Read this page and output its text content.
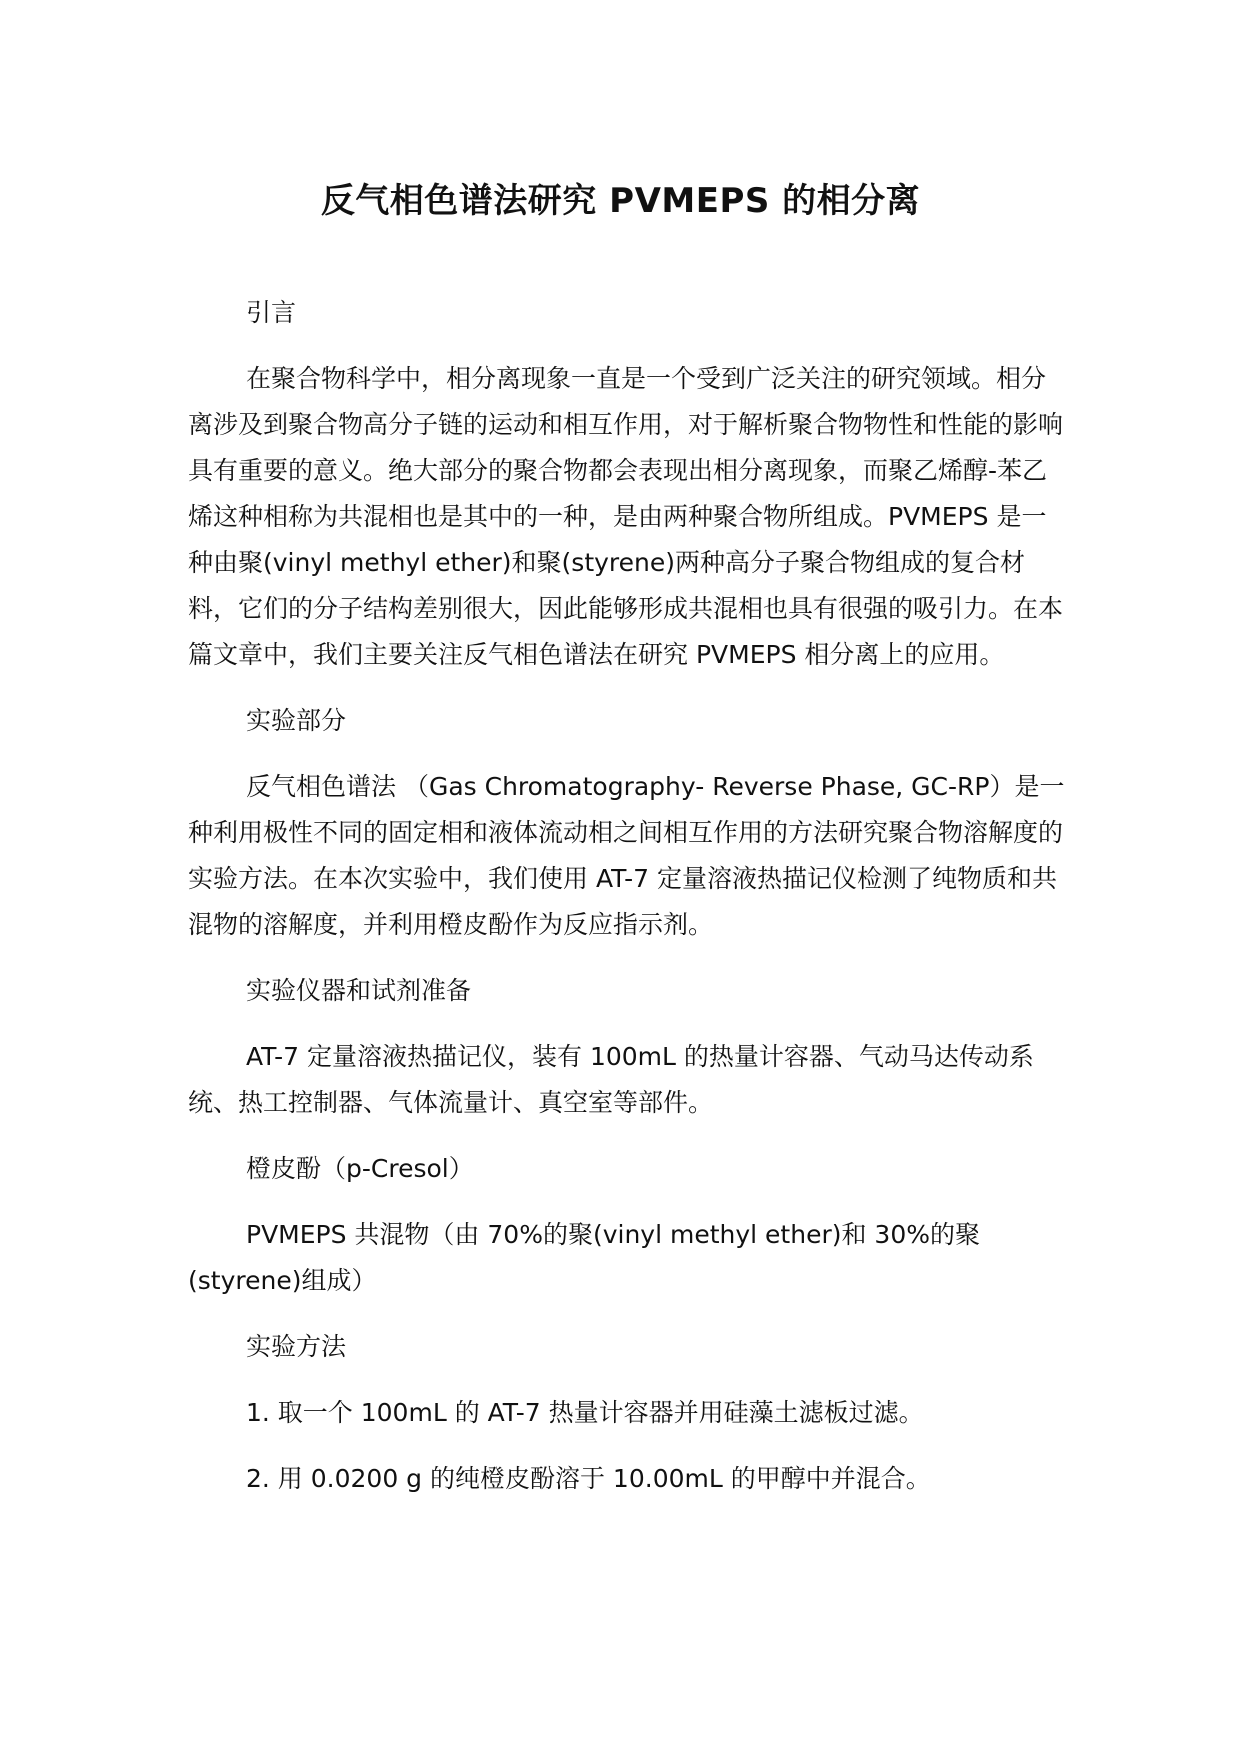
反气相色谱法研究 PVMEPS 的相分离

引言

在聚合物科学中，相分离现象一直是一个受到广泛关注的研究领域。相分离涉及到聚合物高分子链的运动和相互作用，对于解析聚合物物性和性能的影响具有重要的意义。绝大部分的聚合物都会表现出相分离现象，而聚乙烯醇-苯乙烯这种相称为共混相也是其中的一种，是由两种聚合物所组成。PVMEPS 是一种由聚(vinyl methyl ether)和聚(styrene)两种高分子聚合物组成的复合材料，它们的分子结构差别很大，因此能够形成共混相也具有很强的吸引力。在本篇文章中，我们主要关注反气相色谱法在研究 PVMEPS 相分离上的应用。

实验部分

反气相色谱法 （Gas Chromatography- Reverse Phase, GC-RP）是一种利用极性不同的固定相和液体流动相之间相互作用的方法研究聚合物溶解度的实验方法。在本次实验中，我们使用 AT-7 定量溶液热描记仪检测了纯物质和共混物的溶解度，并利用橙皮酚作为反应指示剂。

实验仪器和试剂准备

AT-7 定量溶液热描记仪，装有 100mL 的热量计容器、气动马达传动系统、热工控制器、气体流量计、真空室等部件。

橙皮酚（p-Cresol）

PVMEPS 共混物（由 70%的聚(vinyl methyl ether)和 30%的聚(styrene)组成）

实验方法

1. 取一个 100mL 的 AT-7 热量计容器并用硅藻土滤板过滤。

2. 用 0.0200 g 的纯橙皮酚溶于 10.00mL 的甲醇中并混合。
